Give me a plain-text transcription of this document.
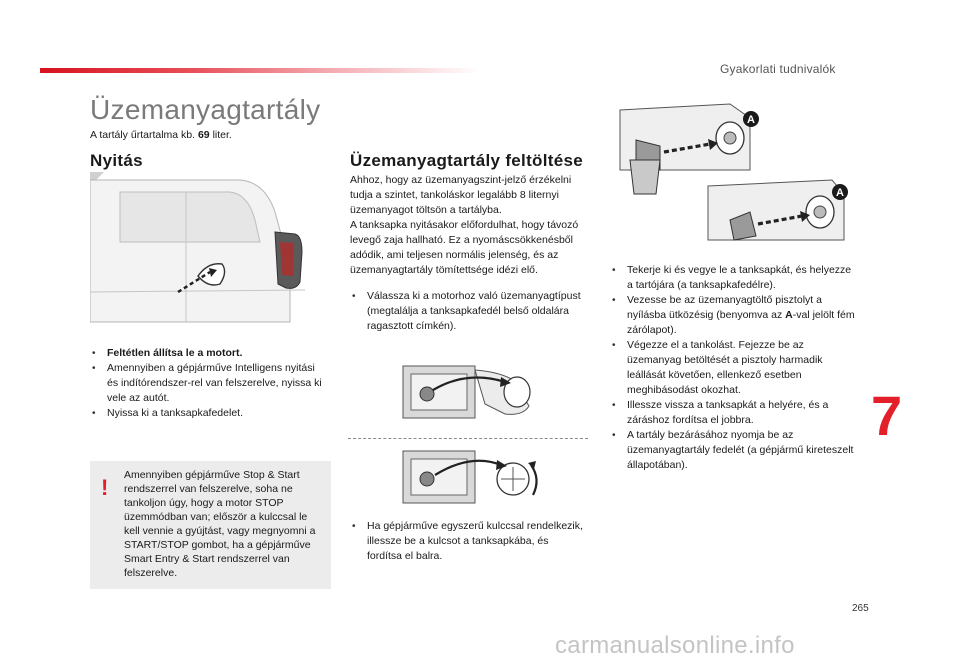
Gyakorlati tudnivalók
Üzemanyagtartály
A tartály űrtartalma kb. 69 liter.
Nyitás	Üzemanyagtartály feltöltése
• Feltétlen állítsa le a motort.
• Amennyiben a gépjárműve Intelligens nyitási és indítórendszer-rel van felszerelve, nyissa ki vele az autót.
• Nyissa ki a tanksapkafedelet.
! Amennyiben gépjárműve Stop & Start rendszerrel van felszerelve, soha ne tankoljon úgy, hogy a motor STOP üzemmódban van; először a kulccsal le kell vennie a gyújtást, vagy megnyomni a START/STOP gombot, ha a gépjárműve Smart Entry & Start rendszerrel van felszerelve.
Ahhoz, hogy az üzemanyagszint-jelző érzékelni tudja a szintet, tankoláskor legalább 8 liternyi üzemanyagot töltsön a tartályba.
A tanksapka nyitásakor előfordulhat, hogy távozó levegő zaja hallható. Ez a nyomáscsökkenésből adódik, ami teljesen normális jelenség, és az üzemanyagtartály tömítettsége idézi elő.
• Válassza ki a motorhoz való üzemanyagtípust (megtalálja a tanksapkafedél belső oldalára ragasztott címkén).
• Ha gépjárműve egyszerű kulccsal rendelkezik, illessze be a kulcsot a tanksapkába, és fordítsa el balra.
A
A
• Tekerje ki és vegye le a tanksapkát, és helyezze a tartójára (a tanksapkafedélre).
• Vezesse be az üzemanyagtöltő pisztolyt a nyílásba ütközésig (benyomva az A-val jelölt fém zárólapot).
• Végezze el a tankolást. Fejezze be az üzemanyag betöltését a pisztoly harmadik leállását követően, ellenkező esetben meghibásodást okozhat.
• Illessze vissza a tanksapkát a helyére, és a záráshoz fordítsa el jobbra.
• A tartály bezárásához nyomja be az üzemanyagtartály fedelét (a gépjármű kireteszelt állapotában).
7
265
carmanualsonline.info
